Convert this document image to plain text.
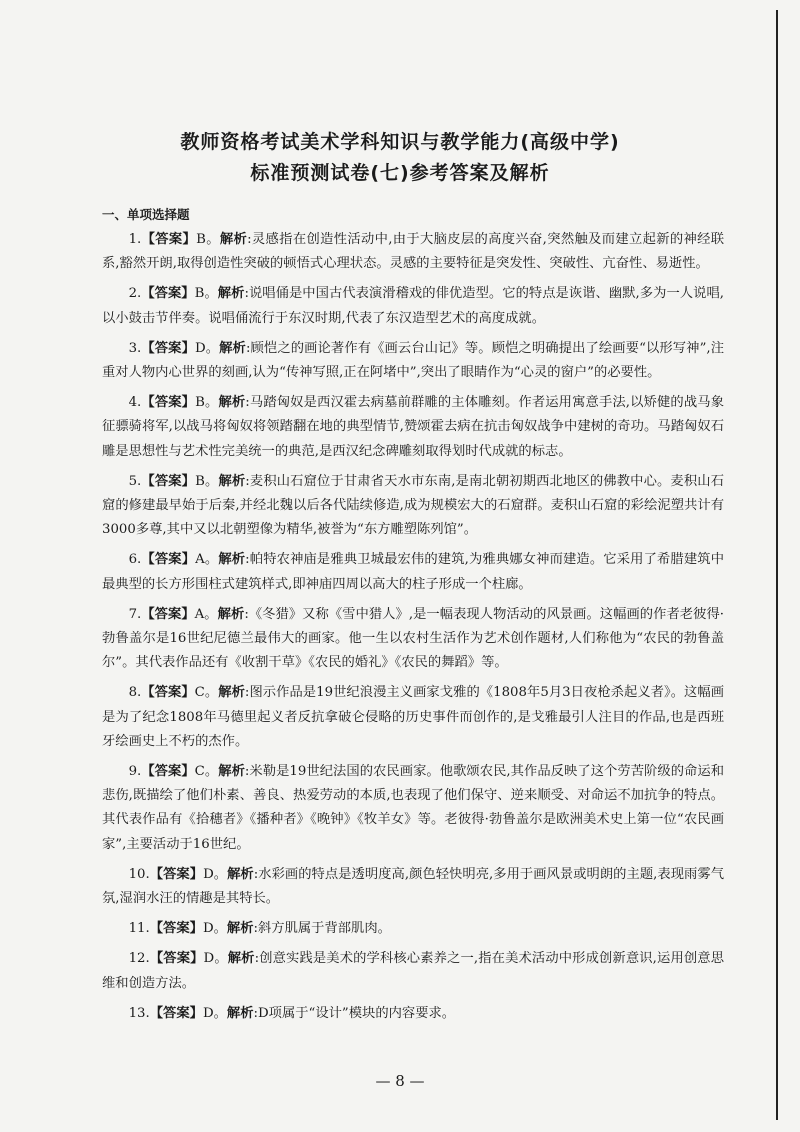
教师资格考试美术学科知识与教学能力(高级中学)
标准预测试卷(七)参考答案及解析
一、单项选择题

1.【答案】B。解析:灵感指在创造性活动中,由于大脑皮层的高度兴奋,突然触及而建立起新的神经联系,豁然开朗,取得创造性突破的顿悟式心理状态。灵感的主要特征是突发性、突破性、亢奋性、易逝性。

2.【答案】B。解析:说唱俑是中国古代表演滑稽戏的俳优造型。它的特点是诙谐、幽默,多为一人说唱,以小鼓击节伴奏。说唱俑流行于东汉时期,代表了东汉造型艺术的高度成就。

3.【答案】D。解析:顾恺之的画论著作有《画云台山记》等。顾恺之明确提出了绘画要“以形写神”,注重对人物内心世界的刻画,认为“传神写照,正在阿堵中”,突出了眼睛作为“心灵的窗户”的必要性。

4.【答案】B。解析:马踏匈奴是西汉霍去病墓前群雕的主体雕刻。作者运用寓意手法,以矫健的战马象征骠骑将军,以战马将匈奴将领踏翻在地的典型情节,赞颂霍去病在抗击匈奴战争中建树的奇功。马踏匈奴石雕是思想性与艺术性完美统一的典范,是西汉纪念碑雕刻取得划时代成就的标志。

5.【答案】B。解析:麦积山石窟位于甘肃省天水市东南,是南北朝初期西北地区的佛教中心。麦积山石窟的修建最早始于后秦,并经北魏以后各代陆续修造,成为规模宏大的石窟群。麦积山石窟的彩绘泥塑共计有3000多尊,其中又以北朝塑像为精华,被誉为“东方雕塑陈列馆”。

6.【答案】A。解析:帕特农神庙是雅典卫城最宏伟的建筑,为雅典娜女神而建造。它采用了希腊建筑中最典型的长方形围柱式建筑样式,即神庙四周以高大的柱子形成一个柱廊。

7.【答案】A。解析:《冬猎》又称《雪中猎人》,是一幅表现人物活动的风景画。这幅画的作者老彼得·勃鲁盖尔是16世纪尼德兰最伟大的画家。他一生以农村生活作为艺术创作题材,人们称他为“农民的勃鲁盖尔”。其代表作品还有《收割干草》《农民的婚礼》《农民的舞蹈》等。

8.【答案】C。解析:图示作品是19世纪浪漫主义画家戈雅的《1808年5月3日夜枪杀起义者》。这幅画是为了纪念1808年马德里起义者反抗拿破仑侵略的历史事件而创作的,是戈雅最引人注目的作品,也是西班牙绘画史上不朽的杰作。

9.【答案】C。解析:米勒是19世纪法国的农民画家。他歌颂农民,其作品反映了这个劳苦阶级的命运和悲伤,既描绘了他们朴素、善良、热爱劳动的本质,也表现了他们保守、逆来顺受、对命运不加抗争的特点。其代表作品有《拾穗者》《播种者》《晚钟》《牧羊女》等。老彼得·勃鲁盖尔是欧洲美术史上第一位“农民画家”,主要活动于16世纪。

10.【答案】D。解析:水彩画的特点是透明度高,颜色轻快明亮,多用于画风景或明朗的主题,表现雨雾气氛,湿润水汪的情趣是其特长。

11.【答案】D。解析:斜方肌属于背部肌肉。

12.【答案】D。解析:创意实践是美术的学科核心素养之一,指在美术活动中形成创新意识,运用创意思维和创造方法。

13.【答案】D。解析:D项属于“设计”模块的内容要求。

— 8 —
